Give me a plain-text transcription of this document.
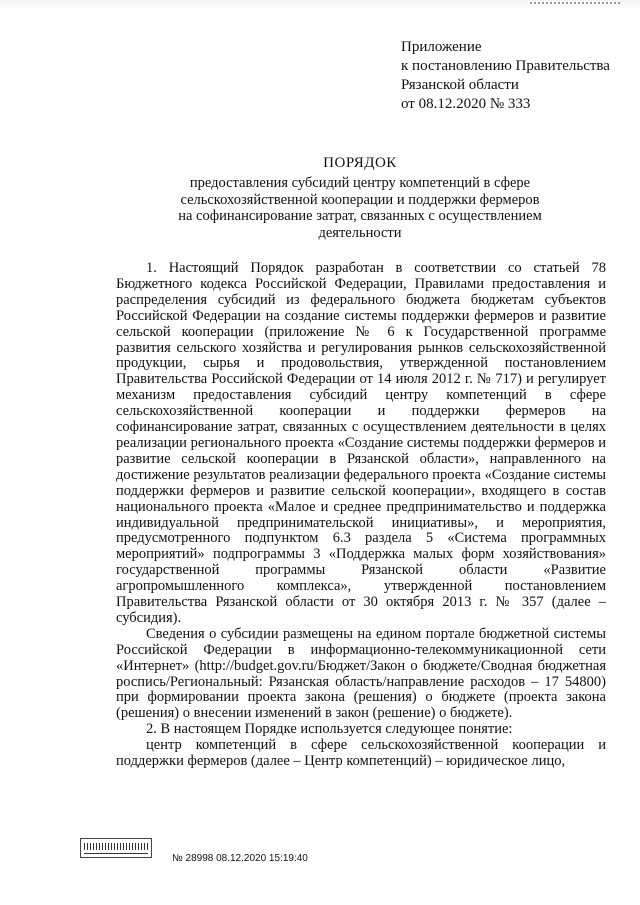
Приложение
к постановлению Правительства
Рязанской области
от 08.12.2020 № 333
ПОРЯДОК
предоставления субсидий центру компетенций в сфере
сельскохозяйственной кооперации и поддержки фермеров
на софинансирование затрат, связанных с осуществлением
деятельности

1. Настоящий Порядок разработан в соответствии со статьей 78 Бюджетного кодекса Российской Федерации, Правилами предоставления и распределения субсидий из федерального бюджета бюджетам субъектов Российской Федерации на создание системы поддержки фермеров и развитие сельской кооперации (приложение № 6 к Государственной программе развития сельского хозяйства и регулирования рынков сельскохозяйственной продукции, сырья и продовольствия, утвержденной постановлением Правительства Российской Федерации от 14 июля 2012 г. № 717) и регулирует механизм предоставления субсидий центру компетенций в сфере сельскохозяйственной кооперации и поддержки фермеров на софинансирование затрат, связанных с осуществлением деятельности в целях реализации регионального проекта «Создание системы поддержки фермеров и развитие сельской кооперации в Рязанской области», направленного на достижение результатов реализации федерального проекта «Создание системы поддержки фермеров и развитие сельской кооперации», входящего в состав национального проекта «Малое и среднее предпринимательство и поддержка индивидуальной предпринимательской инициативы», и мероприятия, предусмотренного подпунктом 6.3 раздела 5 «Система программных мероприятий» подпрограммы 3 «Поддержка малых форм хозяйствования» государственной программы Рязанской области «Развитие агропромышленного комплекса», утвержденной постановлением Правительства Рязанской области от 30 октября 2013 г. № 357 (далее – субсидия).

Сведения о субсидии размещены на едином портале бюджетной системы Российской Федерации в информационно-телекоммуникационной сети «Интернет» (http://budget.gov.ru/Бюджет/Закон о бюджете/Сводная бюджетная роспись/Региональный: Рязанская область/направление расходов – 17 54800) при формировании проекта закона (решения) о бюджете (проекта закона (решения) о внесении изменений в закон (решение) о бюджете).

2. В настоящем Порядке используется следующее понятие:

центр компетенций в сфере сельскохозяйственной кооперации и поддержки фермеров (далее – Центр компетенций) – юридическое лицо,

№ 28998 08.12.2020 15:19:40
